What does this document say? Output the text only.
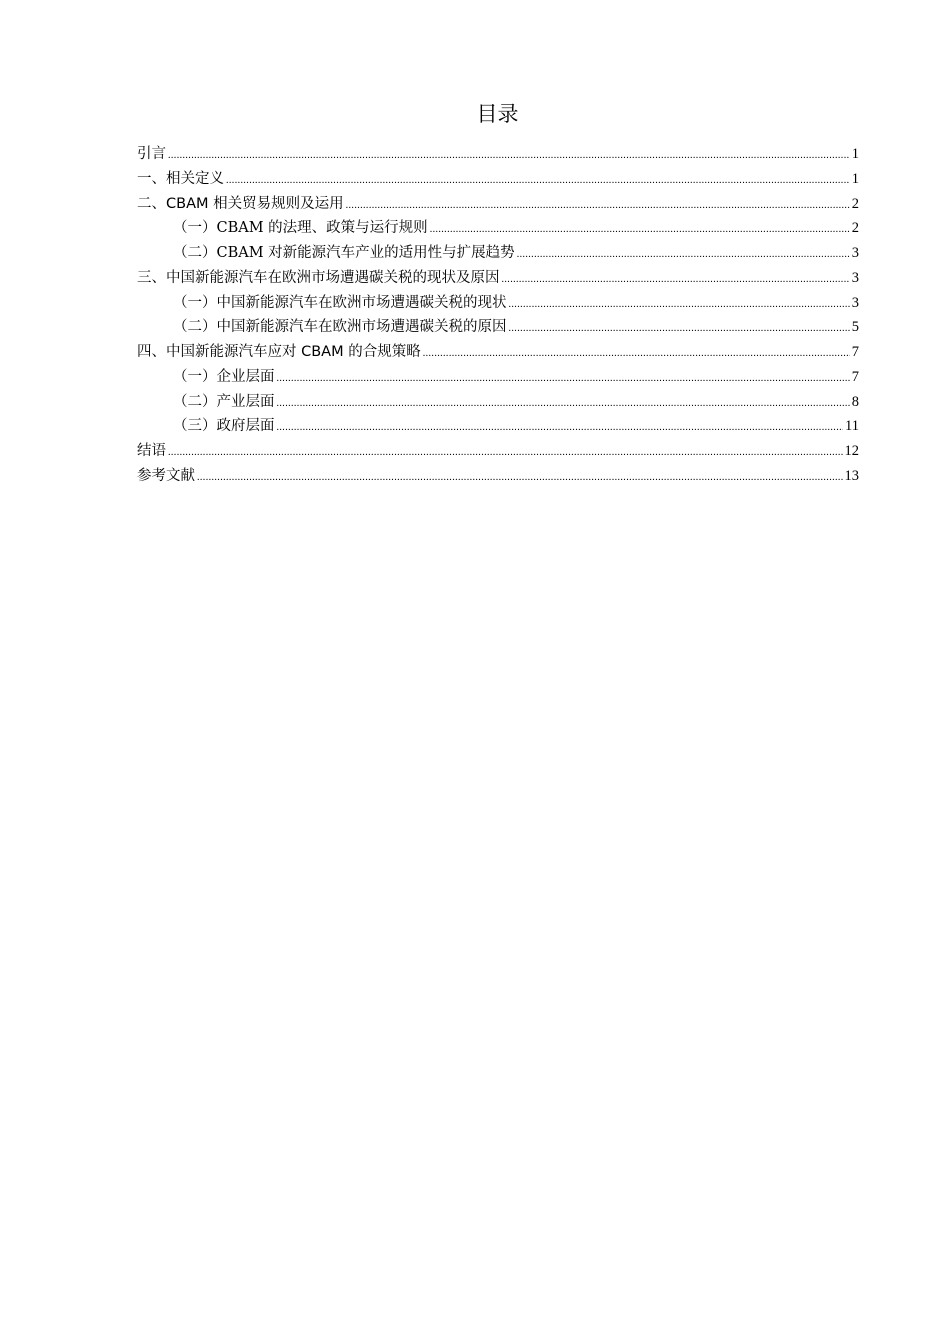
目录
引言 .....	1
一、相关定义 .....	1
二、CBAM 相关贸易规则及运用 .....	2
（一）CBAM 的法理、政策与运行规则 .....	2
（二）CBAM 对新能源汽车产业的适用性与扩展趋势 .....	3
三、中国新能源汽车在欧洲市场遭遇碳关税的现状及原因 .....	3
（一）中国新能源汽车在欧洲市场遭遇碳关税的现状 .....	3
（二）中国新能源汽车在欧洲市场遭遇碳关税的原因 .....	5
四、中国新能源汽车应对 CBAM 的合规策略 .....	7
（一）企业层面 .....	7
（二）产业层面 .....	8
（三）政府层面 .....	11
结语 .....	12
参考文献 .....	13
